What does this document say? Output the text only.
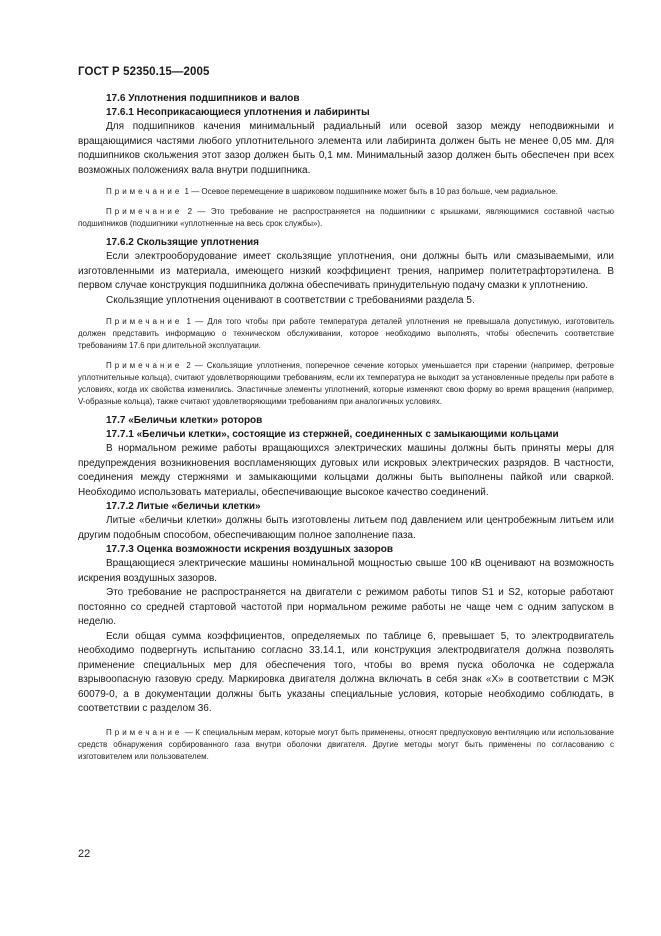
ГОСТ Р 52350.15—2005

17.6 Уплотнения подшипников и валов

17.6.1 Несоприкасающиеся уплотнения и лабиринты

Для подшипников качения минимальный радиальный или осевой зазор между неподвижными и вращающимися частями любого уплотнительного элемента или лабиринта должен быть не менее 0,05 мм. Для подшипников скольжения этот зазор должен быть 0,1 мм. Минимальный зазор должен быть обеспечен при всех возможных положениях вала внутри подшипника.

Примечание 1 — Осевое перемещение в шариковом подшипнике может быть в 10 раз больше, чем радиальное.

Примечание 2 — Это требование не распространяется на подшипники с крышками, являющимися составной частью подшипников (подшипники «уплотненные на весь срок службы»).

17.6.2 Скользящие уплотнения

Если электрооборудование имеет скользящие уплотнения, они должны быть или смазываемыми, или изготовленными из материала, имеющего низкий коэффициент трения, например политетрафторэтилена. В первом случае конструкция подшипника должна обеспечивать принудительную подачу смазки к уплотнению.

Скользящие уплотнения оценивают в соответствии с требованиями раздела 5.

Примечание 1 — Для того чтобы при работе температура деталей уплотнения не превышала допустимую, изготовитель должен представить информацию о техническом обслуживании, которое необходимо выполнять, чтобы обеспечить соответствие требованиям 17.6 при длительной эксплуатации.

Примечание 2 — Скользящие уплотнения, поперечное сечение которых уменьшается при старении (например, фетровые уплотнительные кольца), считают удовлетворяющими требованиям, если их температура не выходит за установленные пределы при работе в условиях, когда их свойства изменились. Эластичные элементы уплотнений, которые изменяют свою форму во время вращения (например, V-образные кольца), также считают удовлетворяющими требованиям при аналогичных условиях.

17.7 «Беличьи клетки» роторов

17.7.1 «Беличьи клетки», состоящие из стержней, соединенных с замыкающими кольцами

В нормальном режиме работы вращающихся электрических машины должны быть приняты меры для предупреждения возникновения воспламеняющих дуговых или искровых электрических разрядов. В частности, соединения между стержнями и замыкающими кольцами должны быть выполнены пайкой или сваркой. Необходимо использовать материалы, обеспечивающие высокое качество соединений.

17.7.2 Литые «беличьи клетки»

Литые «беличьи клетки» должны быть изготовлены литьем под давлением или центробежным литьем или другим подобным способом, обеспечивающим полное заполнение паза.

17.7.3 Оценка возможности искрения воздушных зазоров

Вращающиеся электрические машины номинальной мощностью свыше 100 кВ оценивают на возможность искрения воздушных зазоров.

Это требование не распространяется на двигатели с режимом работы типов S1 и S2, которые работают постоянно со средней стартовой частотой при нормальном режиме работы не чаще чем с одним запуском в неделю.

Если общая сумма коэффициентов, определяемых по таблице 6, превышает 5, то электродвигатель необходимо подвергнуть испытанию согласно 33.14.1, или конструкция электродвигателя должна позволять применение специальных мер для обеспечения того, чтобы во время пуска оболочка не содержала взрывоопасную газовую среду. Маркировка двигателя должна включать в себя знак «X» в соответствии с МЭК 60079-0, а в документации должны быть указаны специальные условия, которые необходимо соблюдать, в соответствии с разделом 36.

Примечание — К специальным мерам, которые могут быть применены, относят предпусковую вентиляцию или использование средств обнаружения сорбированного газа внутри оболочки двигателя. Другие методы могут быть применены по согласованию с изготовителем или пользователем.

22
